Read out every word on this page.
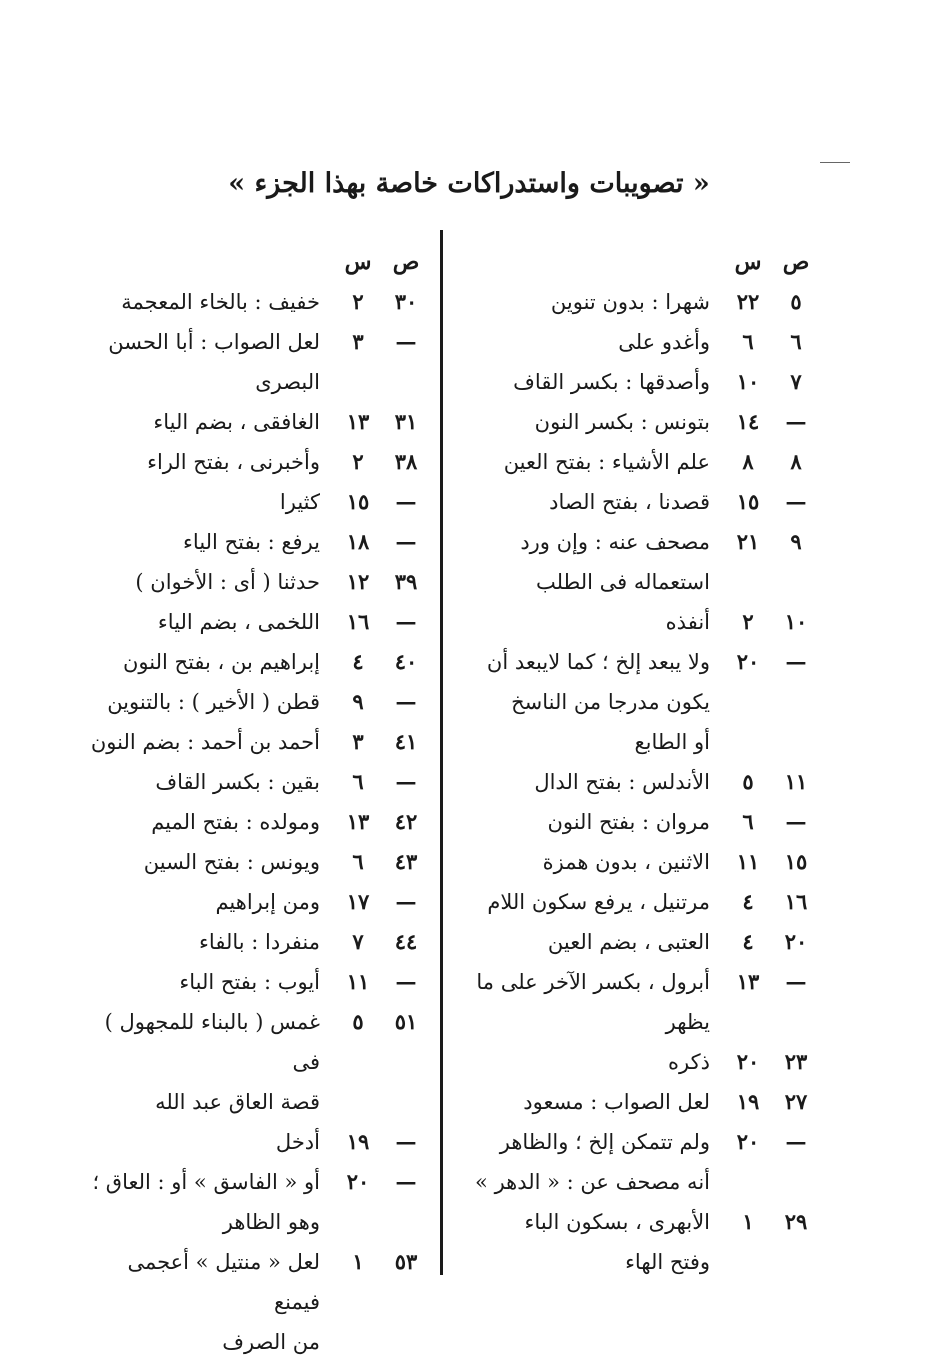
« تصويبات واستدراكات خاصة بهذا الجزء »
ص
س
٥
٢٢
شهرا : بدون تنوين
٦
٦
وأغدو على
٧
١٠
وأصدقها : بكسر القاف
—
١٤
بتونس : بكسر النون
٨
٨
علم الأشياء : بفتح العين
—
١٥
قصدنا ، بفتح الصاد
٩
٢١
مصحف عنه : وإن ورد
استعماله فى الطلب
١٠
٢
أنفذه
—
٢٠
ولا يبعد إلخ ؛ كما لايبعد أن
يكون مدرجا من الناسخ
أو الطابع
١١
٥
الأندلس : بفتح الدال
—
٦
مروان : بفتح النون
١٥
١١
الاثنين ، بدون همزة
١٦
٤
مرتنيل ، يرفع سكون اللام
٢٠
٤
العتبى ، بضم العين
—
١٣
أبرول ، بكسر الآخر على ما
يظهر
٢٣
٢٠
ذكره
٢٧
١٩
لعل الصواب : مسعود
—
٢٠
ولم تتمكن إلخ ؛ والظاهر
أنه مصحف عن : « الدهر »
٢٩
١
الأبهرى ، بسكون الباء
وفتح الهاء
ص
س
٣٠
٢
خفيف : بالخاء المعجمة
—
٣
لعل الصواب : أبا الحسن
البصرى
٣١
١٣
الغافقى ، بضم الياء
٣٨
٢
وأخبرنى ، بفتح الراء
—
١٥
كثيرا
—
١٨
يرفع : بفتح الياء
٣٩
١٢
حدثنا ( أى : الأخوان )
—
١٦
اللخمى ، بضم الياء
٤٠
٤
إبراهيم بن ، بفتح النون
—
٩
قطن ( الأخير ) : بالتنوين
٤١
٣
أحمد بن أحمد : بضم النون
—
٦
بقين : بكسر القاف
٤٢
١٣
ومولده : بفتح الميم
٤٣
٦
ويونس : بفتح السين
—
١٧
ومن إبراهيم
٤٤
٧
منفردا : بالفاء
—
١١
أيوب : بفتح الباء
٥١
٥
غمس ( بالبناء للمجهول ) فى
قصة العاق عبد الله
—
١٩
أدخل
—
٢٠
أو « الفاسق » أو : العاق ؛
وهو الظاهر
٥٣
١
لعل « منتيل » أعجمى فيمنع
من الصرف
